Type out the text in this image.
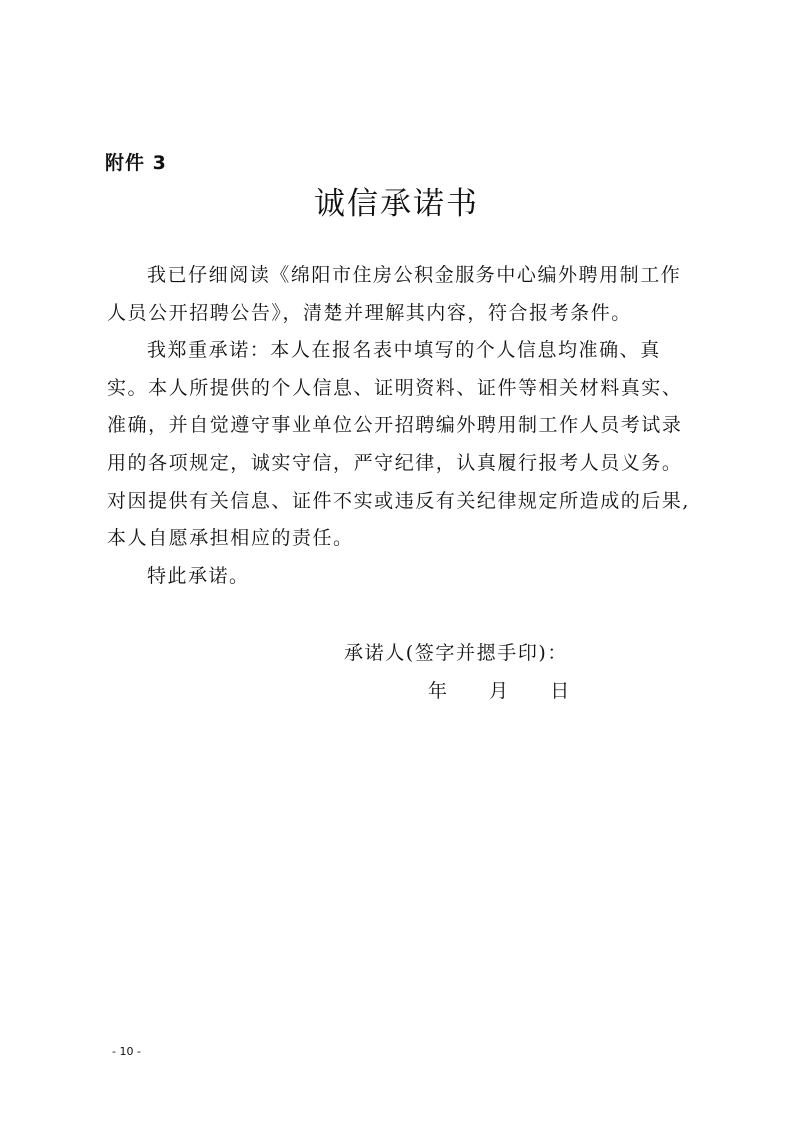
附件 3
诚信承诺书

我已仔细阅读《绵阳市住房公积金服务中心编外聘用制工作人员公开招聘公告》，清楚并理解其内容，符合报考条件。

我郑重承诺：本人在报名表中填写的个人信息均准确、真实。本人所提供的个人信息、证明资料、证件等相关材料真实、准确，并自觉遵守事业单位公开招聘编外聘用制工作人员考试录用的各项规定，诚实守信，严守纪律，认真履行报考人员义务。对因提供有关信息、证件不实或违反有关纪律规定所造成的后果,本人自愿承担相应的责任。

特此承诺。

承诺人(签字并摁手印)：
年 月 日
- 10 -
